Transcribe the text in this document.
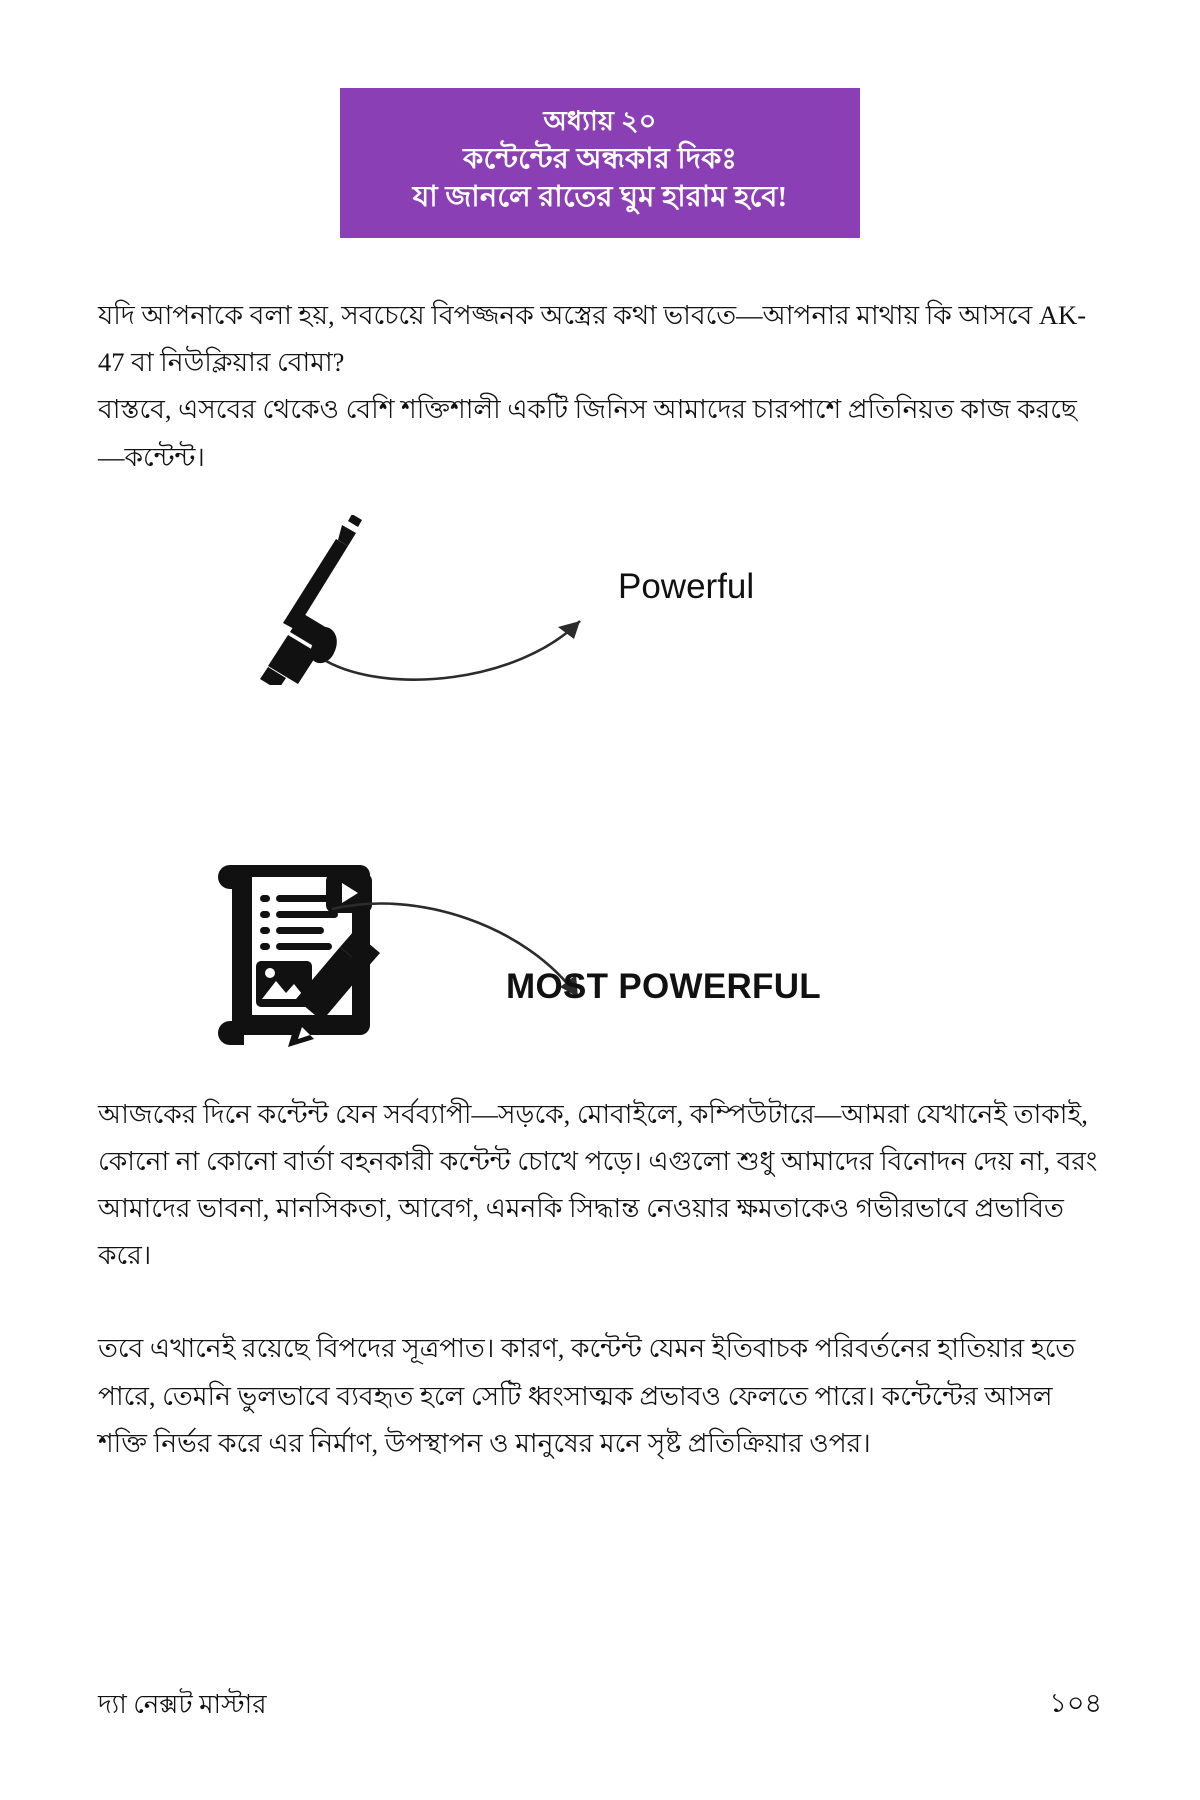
অধ্যায় ২০
কন্টেন্টের অন্ধকার দিকঃ
যা জানলে রাতের ঘুম হারাম হবে!

যদি আপনাকে বলা হয়, সবচেয়ে বিপজ্জনক অস্ত্রের কথা ভাবতে—আপনার মাথায় কি আসবে AK-47 বা নিউক্লিয়ার বোমা?

বাস্তবে, এসবের থেকেও বেশি শক্তিশালী একটি জিনিস আমাদের চারপাশে প্রতিনিয়ত কাজ করছে—কন্টেন্ট।

Powerful
MOST POWERFUL

আজকের দিনে কন্টেন্ট যেন সর্বব্যাপী—সড়কে, মোবাইলে, কম্পিউটারে—আমরা যেখানেই তাকাই, কোনো না কোনো বার্তা বহনকারী কন্টেন্ট চোখে পড়ে। এগুলো শুধু আমাদের বিনোদন দেয় না, বরং আমাদের ভাবনা, মানসিকতা, আবেগ, এমনকি সিদ্ধান্ত নেওয়ার ক্ষমতাকেও গভীরভাবে প্রভাবিত করে।

তবে এখানেই রয়েছে বিপদের সূত্রপাত। কারণ, কন্টেন্ট যেমন ইতিবাচক পরিবর্তনের হাতিয়ার হতে পারে, তেমনি ভুলভাবে ব্যবহৃত হলে সেটি ধ্বংসাত্মক প্রভাবও ফেলতে পারে। কন্টেন্টের আসল শক্তি নির্ভর করে এর নির্মাণ, উপস্থাপন ও মানুষের মনে সৃষ্ট প্রতিক্রিয়ার ওপর।

দ্যা নেক্সট মাস্টার	১০৪
